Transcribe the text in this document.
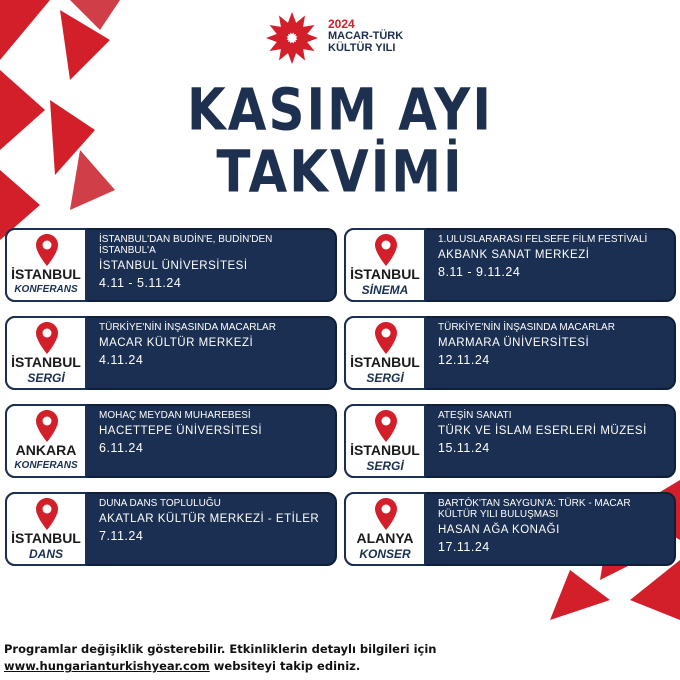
2024
MACAR-TÜRK
KÜLTÜR YILI
KASIM AYI
TAKVİMİ
İSTANBUL
KONFERANS
İSTANBUL'DAN BUDİN'E, BUDİN'DEN İSTANBUL'A
İSTANBUL ÜNİVERSİTESİ
4.11 - 5.11.24
İSTANBUL
SİNEMA
1.ULUSLARARASI FELSEFE FİLM FESTİVALİ
AKBANK SANAT MERKEZİ
8.11 - 9.11.24
İSTANBUL
SERGİ
TÜRKİYE'NİN İNŞASINDA MACARLAR
MACAR KÜLTÜR MERKEZİ
4.11.24	İSTANBUL
SERGİ
TÜRKİYE'NİN İNŞASINDA MACARLAR
MARMARA ÜNİVERSİTESİ
12.11.24
ANKARA
KONFERANS
MOHAÇ MEYDAN MUHAREBESİ
HACETTEPE ÜNİVERSİTESİ
6.11.24	İSTANBUL
SERGİ
ATEŞİN SANATI
TÜRK VE İSLAM ESERLERİ MÜZESİ
15.11.24
İSTANBUL
DANS
DUNA DANS TOPLULUĞU
AKATLAR KÜLTÜR MERKEZİ - ETİLER
7.11.24	ALANYA
KONSER
BARTÓK'TAN SAYGUN'A: TÜRK - MACAR KÜLTÜR YILI BULUŞMASI
HASAN AĞA KONAĞI
17.11.24
Programlar değişiklik gösterebilir. Etkinliklerin detaylı bilgileri için
www.hungarianturkishyear.com websiteyi takip ediniz.
